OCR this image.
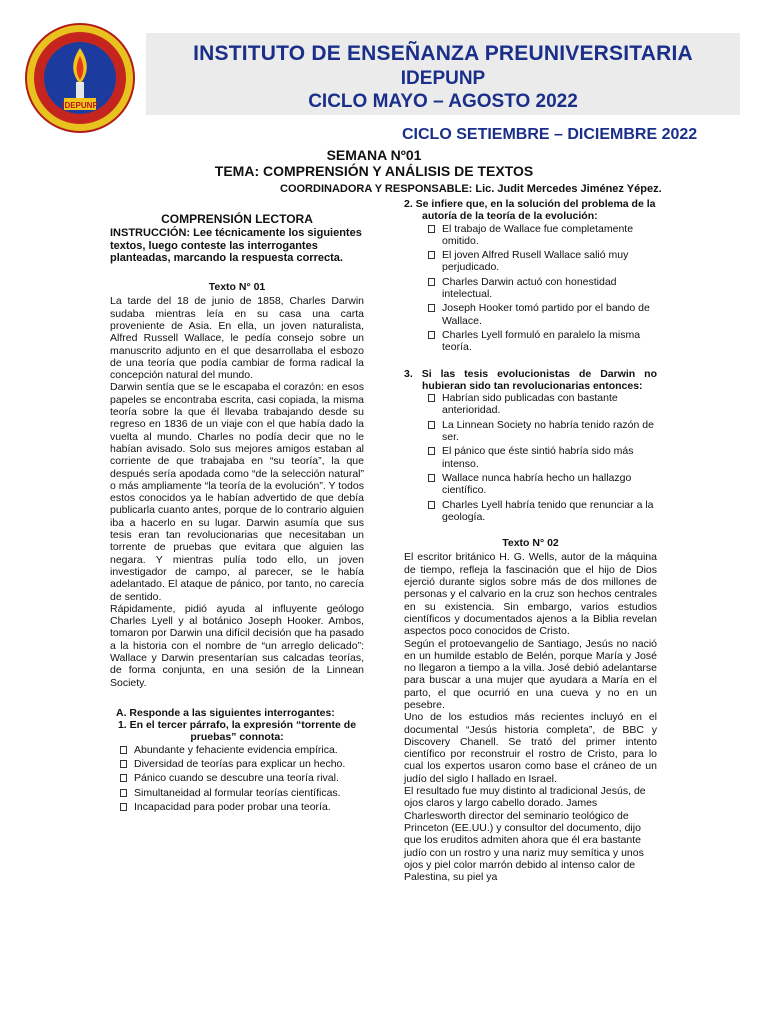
IDEPUNP
INSTITUTO DE ENSEÑANZA PREUNIVERSITARIA
IDEPUNP
CICLO MAYO – AGOSTO 2022
CICLO SETIEMBRE – DICIEMBRE 2022
SEMANA Nº01
TEMA: COMPRENSIÓN Y ANÁLISIS DE TEXTOS
COORDINADORA Y RESPONSABLE: Lic. Judit Mercedes Jiménez Yépez.
COMPRENSIÓN LECTORA

INSTRUCCIÓN: Lee técnicamente los siguientes textos, luego conteste las interrogantes planteadas, marcando la respuesta correcta.

Texto N° 01

La tarde del 18 de junio de 1858, Charles Darwin sudaba mientras leía en su casa una carta proveniente de Asia. En ella, un joven naturalista, Alfred Russell Wallace, le pedía consejo sobre un manuscrito adjunto en el que desarrollaba el esbozo de una teoría que podía cambiar de forma radical la concepción natural del mundo.

Darwin sentía que se le escapaba el corazón: en esos papeles se encontraba escrita, casi copiada, la misma teoría sobre la que él llevaba trabajando desde su regreso en 1836 de un viaje con el que había dado la vuelta al mundo. Charles no podía decir que no le habían avisado. Solo sus mejores amigos estaban al corriente de que trabajaba en “su teoría”, la que después sería apodada como “de la selección natural” o más ampliamente “la teoría de la evolución”. Y todos estos conocidos ya le habían advertido de que debía publicarla cuanto antes, porque de lo contrario alguien iba a hacerlo en su lugar. Darwin asumía que sus tesis eran tan revolucionarias que necesitaban un torrente de pruebas que evitara que alguien las negara. Y mientras pulía todo ello, un joven investigador de campo, al parecer, se le había adelantado. El ataque de pánico, por tanto, no carecía de sentido.

Rápidamente, pidió ayuda al influyente geólogo Charles Lyell y al botánico Joseph Hooker. Ambos, tomaron por Darwin una difícil decisión que ha pasado a la historia con el nombre de “un arreglo delicado”: Wallace y Darwin presentarían sus calcadas teorías, de forma conjunta, en una sesión de la Linnean Society.

A. Responde a las siguientes interrogantes:

1. En el tercer párrafo, la expresión “torrente de pruebas” connota:

Abundante y fehaciente evidencia empírica.
Diversidad de teorías para explicar un hecho.
Pánico cuando se descubre una teoría rival.
Simultaneidad al formular teorías científicas.
Incapacidad para poder probar una teoría.

2. Se infiere que, en la solución del problema de la autoría de la teoría de la evolución:

El trabajo de Wallace fue completamente omitido.
El joven Alfred Rusell Wallace salió muy perjudicado.
Charles Darwin actuó con honestidad intelectual.
Joseph Hooker tomó partido por el bando de Wallace.
Charles Lyell formuló en paralelo la misma teoría.

3. Si las tesis evolucionistas de Darwin no hubieran sido tan revolucionarias entonces:

Habrían sido publicadas con bastante anterioridad.
La Linnean Society no habría tenido razón de ser.
El pánico que éste sintió habría sido más intenso.
Wallace nunca habría hecho un hallazgo científico.
Charles Lyell habría tenido que renunciar a la geología.
Texto N° 02

El escritor británico H. G. Wells, autor de la máquina de tiempo, refleja la fascinación que el hijo de Dios ejerció durante siglos sobre más de dos millones de personas y el calvario en la cruz son hechos centrales en su existencia. Sin embargo, varios estudios científicos y documentados ajenos a la Biblia revelan aspectos poco conocidos de Cristo.

Según el protoevangelio de Santiago, Jesús no nació en un humilde establo de Belén, porque María y José no llegaron a tiempo a la villa. José debió adelantarse para buscar a una mujer que ayudara a María en el parto, el que ocurrió en una cueva y no en un pesebre.

Uno de los estudios más recientes incluyó en el documental “Jesús historia completa”, de BBC y Discovery Chanell. Se trató del primer intento científico por reconstruir el rostro de Cristo, para lo cual los expertos usaron como base el cráneo de un judío del siglo I hallado en Israel.

El resultado fue muy distinto al tradicional Jesús, de ojos claros y largo cabello dorado. James Charlesworth director del seminario teológico de Princeton (EE.UU.) y consultor del documento, dijo que los eruditos admiten ahora que él era bastante judío con un rostro y una nariz muy semítica y unos ojos y piel color marrón debido al intenso calor de Palestina, su piel ya
